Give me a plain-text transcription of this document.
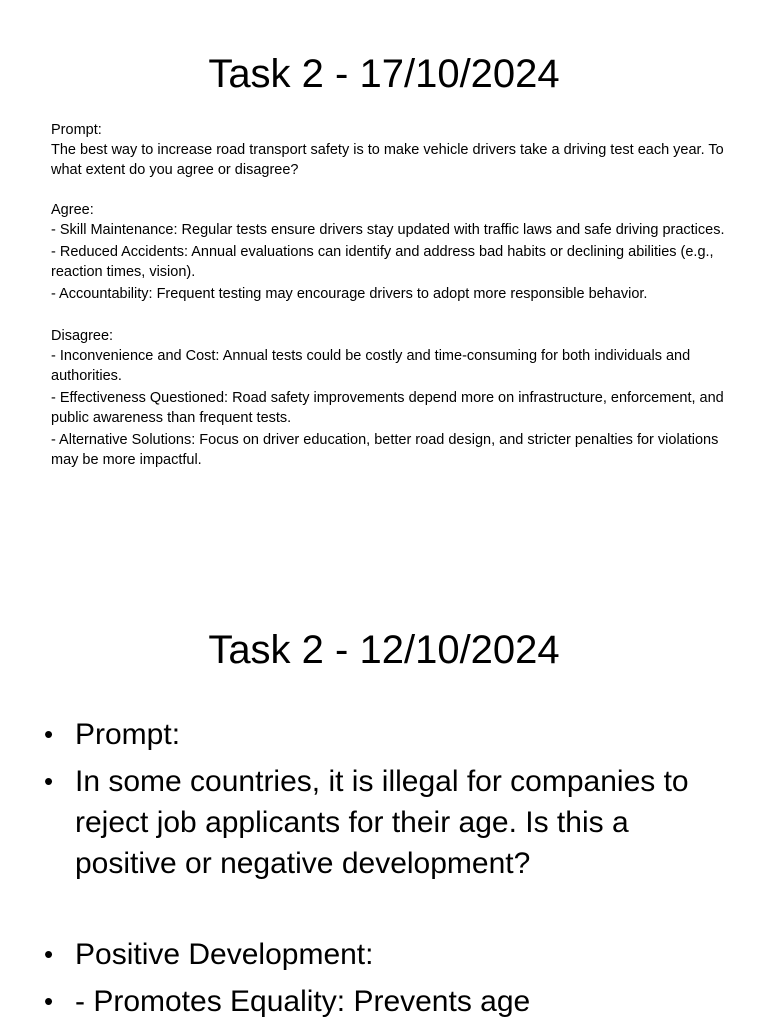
Task 2 - 17/10/2024

Prompt:

The best way to increase road transport safety is to make vehicle drivers take a driving test each year. To what extent do you agree or disagree?

Agree:

- Skill Maintenance: Regular tests ensure drivers stay updated with traffic laws and safe driving practices.

- Reduced Accidents: Annual evaluations can identify and address bad habits or declining abilities (e.g., reaction times, vision).

- Accountability: Frequent testing may encourage drivers to adopt more responsible behavior.

Disagree:

- Inconvenience and Cost: Annual tests could be costly and time-consuming for both individuals and authorities.

- Effectiveness Questioned: Road safety improvements depend more on infrastructure, enforcement, and public awareness than frequent tests.

- Alternative Solutions: Focus on driver education, better road design, and stricter penalties for violations may be more impactful.

Task 2 - 12/10/2024
• Prompt:
• In some countries, it is illegal for companies to reject job applicants for their age. Is this a positive or negative development?
• Positive Development:
• - Promotes Equality: Prevents age
